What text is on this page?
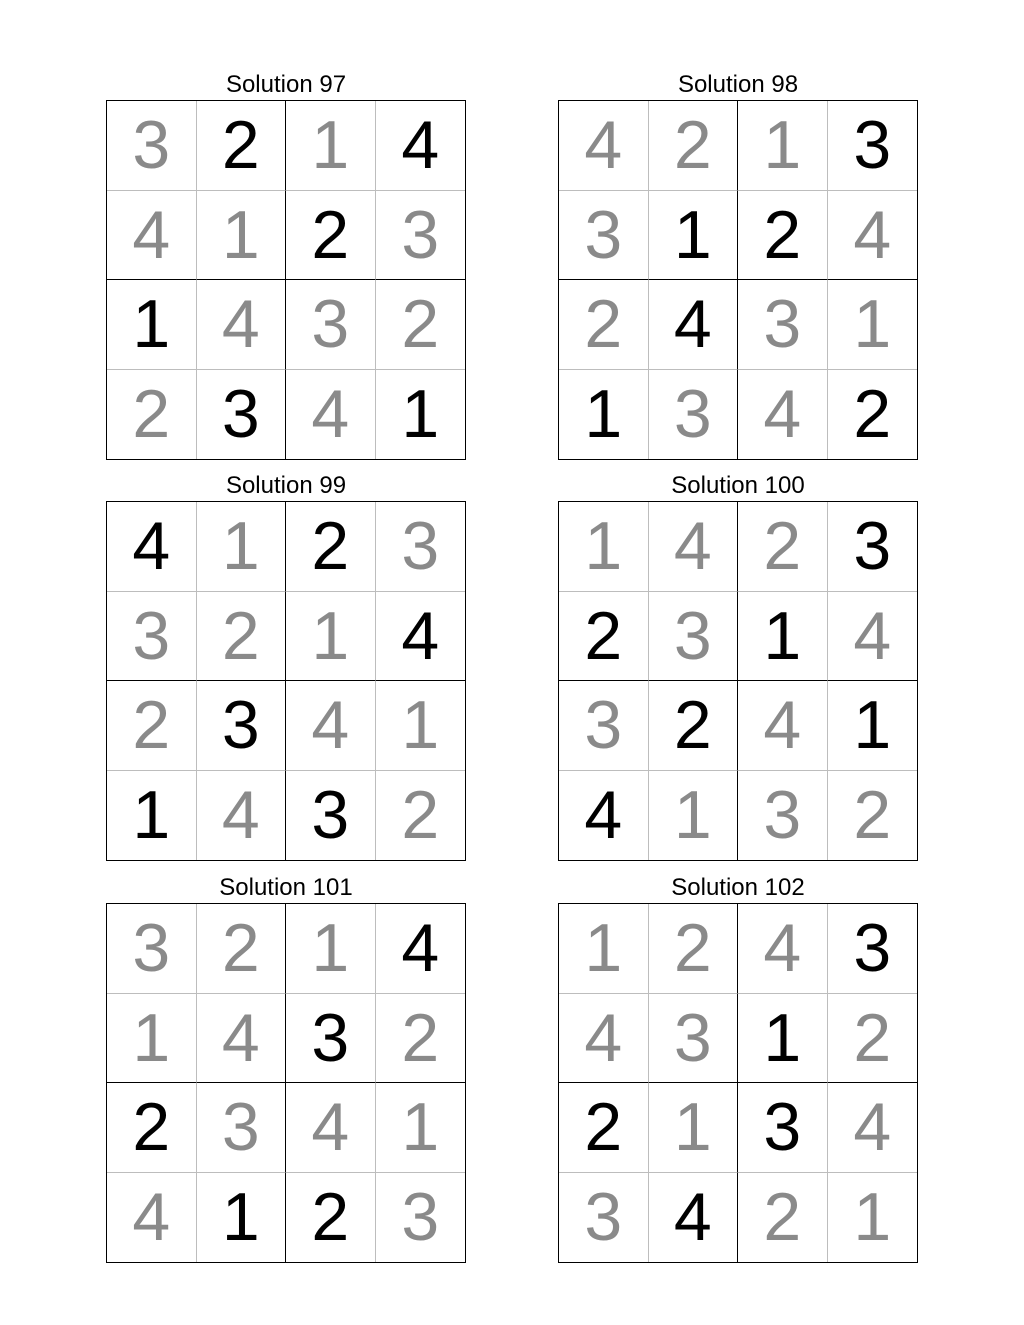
Solution 97
3 2 1 4
4 1 2 3
1 4 3 2
2 3 4 1
Solution 98
4 2 1 3
3 1 2 4
2 4 3 1
1 3 4 2
Solution 99
4 1 2 3
3 2 1 4
2 3 4 1
1 4 3 2
Solution 100
1 4 2 3
2 3 1 4
3 2 4 1
4 1 3 2
Solution 101
3 2 1 4
1 4 3 2
2 3 4 1
4 1 2 3
Solution 102
1 2 4 3
4 3 1 2
2 1 3 4
3 4 2 1
